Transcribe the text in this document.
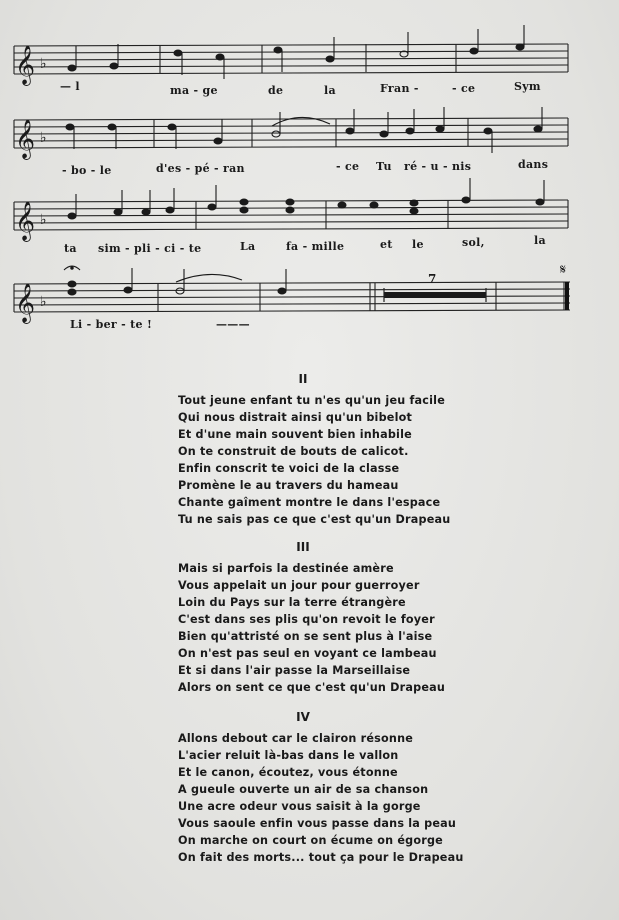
𝄞
𝄞
𝄞
𝄞
♭
♭
♭
♭
𝄋
7
— l	ma - ge	de	la	Fran -	- ce	Sym
- bo - le	d'es - pé - ran	- ce Tu ré - u - nis	dans
ta sim - pli - ci - te	La	fa - mille	et le	sol,	la
Li - ber - te !	———
II
Tout jeune enfant tu n'es qu'un jeu facile
Qui nous distrait ainsi qu'un bibelot
Et d'une main souvent bien inhabile
On te construit de bouts de calicot.
Enfin conscrit te voici de la classe
Promène le au travers du hameau
Chante gaîment montre le dans l'espace
Tu ne sais pas ce que c'est qu'un Drapeau
III
Mais si parfois la destinée amère
Vous appelait un jour pour guerroyer
Loin du Pays sur la terre étrangère
C'est dans ses plis qu'on revoit le foyer
Bien qu'attristé on se sent plus à l'aise
On n'est pas seul en voyant ce lambeau
Et si dans l'air passe la Marseillaise
Alors on sent ce que c'est qu'un Drapeau
IV
Allons debout car le clairon résonne
L'acier reluit là-bas dans le vallon
Et le canon, écoutez, vous étonne
A gueule ouverte un air de sa chanson
Une acre odeur vous saisit à la gorge
Vous saoule enfin vous passe dans la peau
On marche on court on écume on égorge
On fait des morts... tout ça pour le Drapeau
